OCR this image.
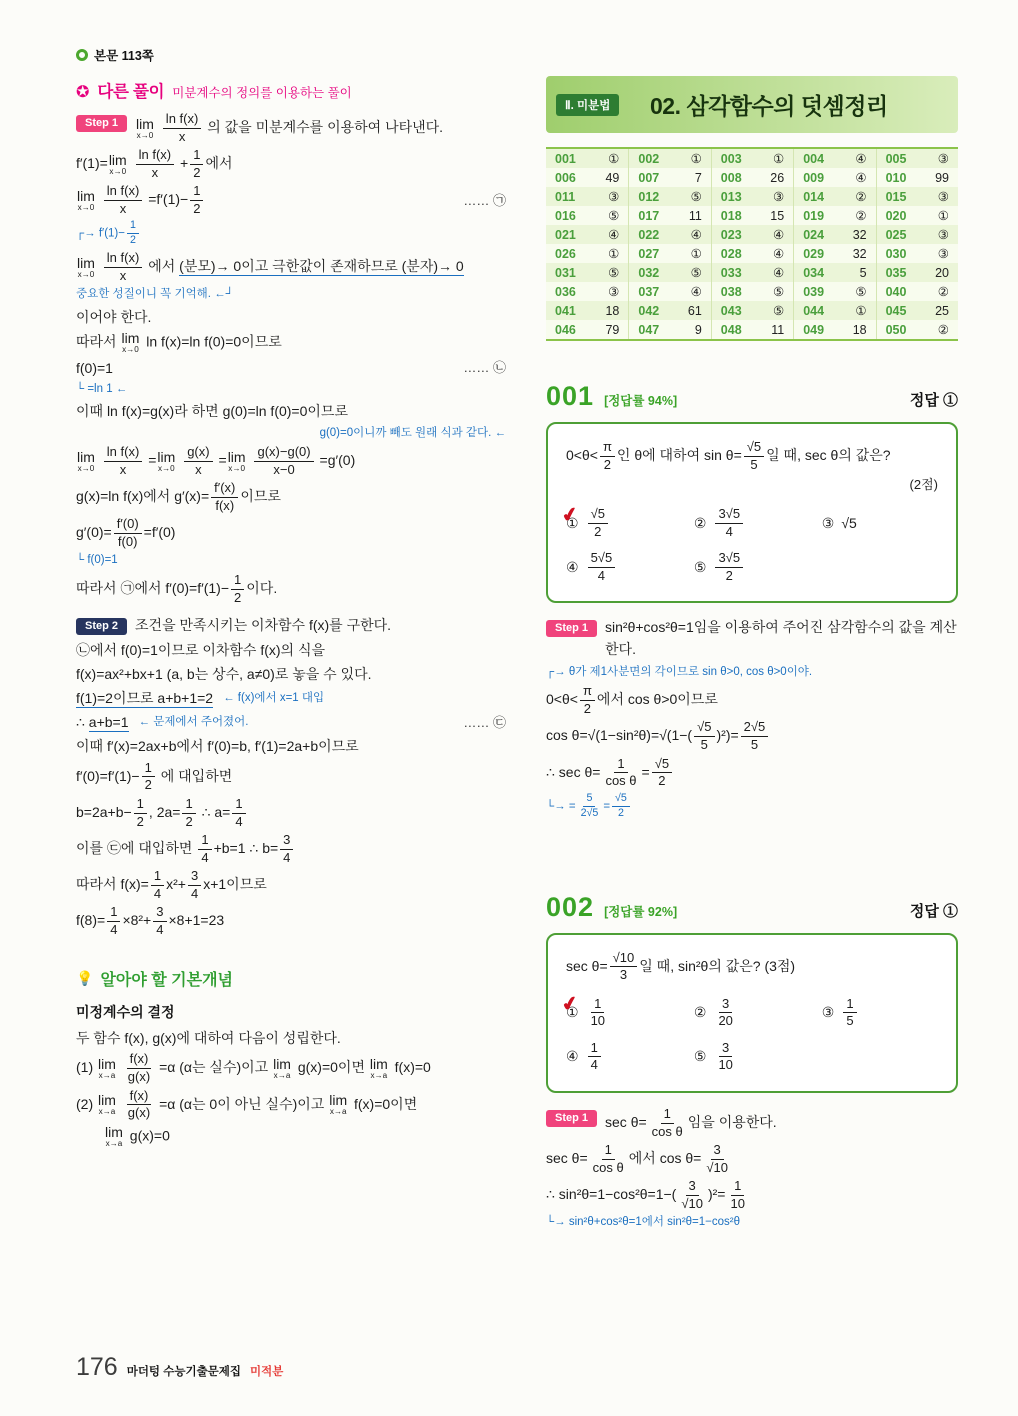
본문 113쪽
✪ 다른 풀이 미분계수의 정의를 이용하는 풀이
Step 1	lim
x→0
$\frac{\text{ln f(x)}}{x}$ 의 값을 미분계수를 이용하여 나타낸다.
f′(1)= lim
x→0
$\frac{\text{ln f(x)}}{x} + \frac{1}{2}$ 에서
lim
x→0
$\frac{\text{ln f(x)}}{x} =f'(1)- \frac{1}{2}$	…… ㉠
┌→ $f'(1)- \frac{1}{2}$
lim
x→0
$\frac{\text{ln f(x)}}{x}$ 에서 (분모)→ 0이고 극한값이 존재하므로 (분자)→ 0
중요한 성질이니 꼭 기억해. ←┘
이어야 한다.
따라서 lim
x→0
ln f(x)=ln f(0)=0이므로
f(0)=1	…… ㉡
└ =ln 1 ←
이때 ln f(x)=g(x)라 하면 g(0)=ln f(0)=0이므로
g(0)=0이니까 빼도 원래 식과 같다. ←
lim
x→0
$\frac{\text{ln f(x)}}{x} = \lim$
x→0
$\frac{g(x)}{x} = \lim$
x→0
$\frac{g(x)-g(0)}{x-0} =g'(0)$
g(x)=ln f(x)에서 $g'(x)= \frac{f'(x)}{f(x)}$ 이므로
$g'(0)= \frac{f'(0)}{f(0)} =f'(0)$
└ f(0)=1
따라서 ㉠에서 $f'(0)=f'(1)- \frac{1}{2}$ 이다.
Step 2	조건을 만족시키는 이차함수 f(x)를 구한다.
㉡에서 f(0)=1이므로 이차함수 f(x)의 식을
f(x)=ax²+bx+1 (a, b는 상수, a≠0)로 놓을 수 있다.
f(1)=2이므로 a+b+1=2 ← f(x)에서 x=1 대입
∴ a+b=1 ← 문제에서 주어졌어.	…… ㉢
이때 f′(x)=2ax+b에서 f′(0)=b, f′(1)=2a+b이므로
$f'(0)=f'(1)- \frac{1}{2}$ 에 대입하면
$b=2a+b- \frac{1}{2}$ , $2a= \frac{1}{2}$ ∴ $a= \frac{1}{4}$
이를 ㉢에 대입하면 $\frac{1}{4} +b=1$ ∴ $b= \frac{3}{4}$
따라서 $f(x)= \frac{1}{4} x^2+ \frac{3}{4} x+1$이므로
$f(8)= \frac{1}{4} \times 8^2+ \frac{3}{4} \times 8+1=23$
💡 알아야 할 기본개념
미정계수의 결정
두 함수 f(x), g(x)에 대하여 다음이 성립한다.
(1) lim
x→a
$\frac{f(x)}{g(x)} =\alpha$ (α는 실수)이고 lim
x→a
g(x)=0이면 lim
x→a
f(x)=0
(2) lim
x→a
$\frac{f(x)}{g(x)} =\alpha$ (α는 0이 아닌 실수)이고 lim
x→a
f(x)=0이면
lim
x→a
g(x)=0
Ⅱ. 미분법	02. 삼각함수의 덧셈정리
001	① 002	① 003	① 004	④ 005	③
006 49 007	7 008 26 009	④ 010 99
011	③ 012	⑤ 013	③ 014	② 015	③
016	⑤ 017 11 018 15 019	② 020	①
021	④ 022	④ 023	④ 024 32 025	③
026	① 027	① 028	④ 029 32 030	③
031	⑤ 032	⑤ 033	④ 034	5 035 20
036	③ 037	④ 038	⑤ 039	⑤ 040	②
041 18 042 61 043	⑤ 044	① 045 25
046 79 047	9 048 11 049 18 050	②
001 [정답률 94%]	정답 ①
$0<\theta< \frac{\pi}{2}$ 인 θ에 대하여 $\sin \theta= \frac{√5}{5}$ 일 때, sec θ의 값은?
(2점)
① ✔ $\frac{√5}{2}$	② $\frac{3√5}{4}$	③ √5
④ $\frac{5√5}{4}$	⑤ $\frac{3√5}{2}$
Step 1	sin²θ+cos²θ=1임을 이용하여 주어진 삼각함수의 값을 계산한다.
┌→ θ가 제1사분면의 각이므로 sin θ>0, cos θ>0이야.
$0<\theta< \frac{\pi}{2}$ 에서 cos θ>0이므로
$\cos \theta=√(1-\sin^2\theta)=√(1-( \frac{√5}{5} )^2)= \frac{2√5}{5}$
∴ $\sec \theta= \frac{1}{\text{cos θ}} = \frac{√5}{2}$
└→ = $\frac{5}{2√5} = \frac{√5}{2}$
002 [정답률 92%]	정답 ①
$\sec \theta= \frac{√10}{3}$ 일 때, sin²θ의 값은? (3점)
① ✔ $\frac{1}{10}$	② $\frac{3}{20}$	③ $\frac{1}{5}$
④ $\frac{1}{4}$	⑤ $\frac{3}{10}$
Step 1	$\sec \theta= \frac{1}{\text{cos θ}}$ 임을 이용한다.
$\sec \theta= \frac{1}{\text{cos θ}}$ 에서 $\cos \theta= \frac{3}{√10}$
∴ $\sin^2\theta=1-\cos^2\theta=1-( \frac{3}{√10} )^2= \frac{1}{10}$
└→ sin²θ+cos²θ=1에서 sin²θ=1−cos²θ
176 마더텅 수능기출문제집 미적분
